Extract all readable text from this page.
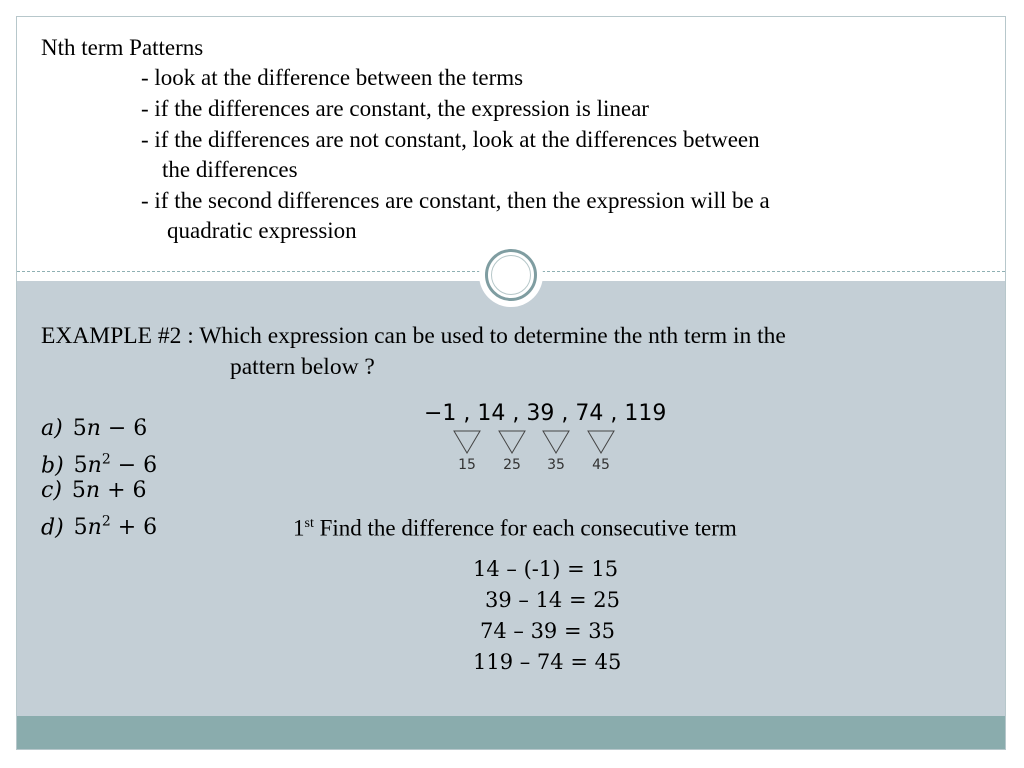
Nth term Patterns
- look at the difference between the terms
- if the differences are constant, the expression is linear
- if the differences are not constant, look at the differences between
the differences
- if the second differences are constant, then the expression will be a
quadratic expression
EXAMPLE #2 : Which expression can be used to determine the nth term in the
pattern below ?
a) 5n − 6
b) $5n^2 - 6$
c) 5n + 6
d) $5n^2 + 6$
−1 , 14 , 39 , 74 , 119
15	25	35	45
1st Find the difference for each consecutive term
14 – (-1) = 15
39 – 14 = 25
74 – 39 = 35
119 – 74 = 45
